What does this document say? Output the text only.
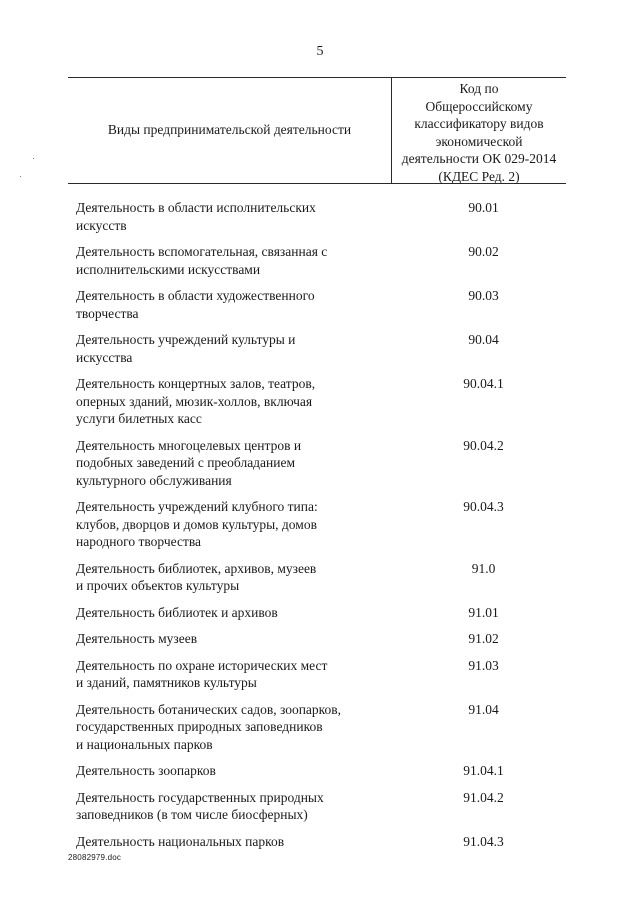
5
Виды предпринимательской деятельности
Код по
Общероссийскому
классификатору видов
экономической
деятельности ОК 029-2014
(КДЕС Ред. 2)
Деятельность в области исполнительских
искусств
90.01
Деятельность вспомогательная, связанная с
исполнительскими искусствами
90.02
Деятельность в области художественного
творчества
90.03
Деятельность учреждений культуры и
искусства
90.04
Деятельность концертных залов, театров,
оперных зданий, мюзик-холлов, включая
услуги билетных касс
90.04.1
Деятельность многоцелевых центров и
подобных заведений с преобладанием
культурного обслуживания
90.04.2
Деятельность учреждений клубного типа:
клубов, дворцов и домов культуры, домов
народного творчества
90.04.3
Деятельность библиотек, архивов, музеев
и прочих объектов культуры
91.0
Деятельность библиотек и архивов	91.01
Деятельность музеев	91.02
Деятельность по охране исторических мест
и зданий, памятников культуры
91.03
Деятельность ботанических садов, зоопарков,
государственных природных заповедников
и национальных парков
91.04
Деятельность зоопарков	91.04.1
Деятельность государственных природных
заповедников (в том числе биосферных)
91.04.2
Деятельность национальных парков	91.04.3
28082979.doc
